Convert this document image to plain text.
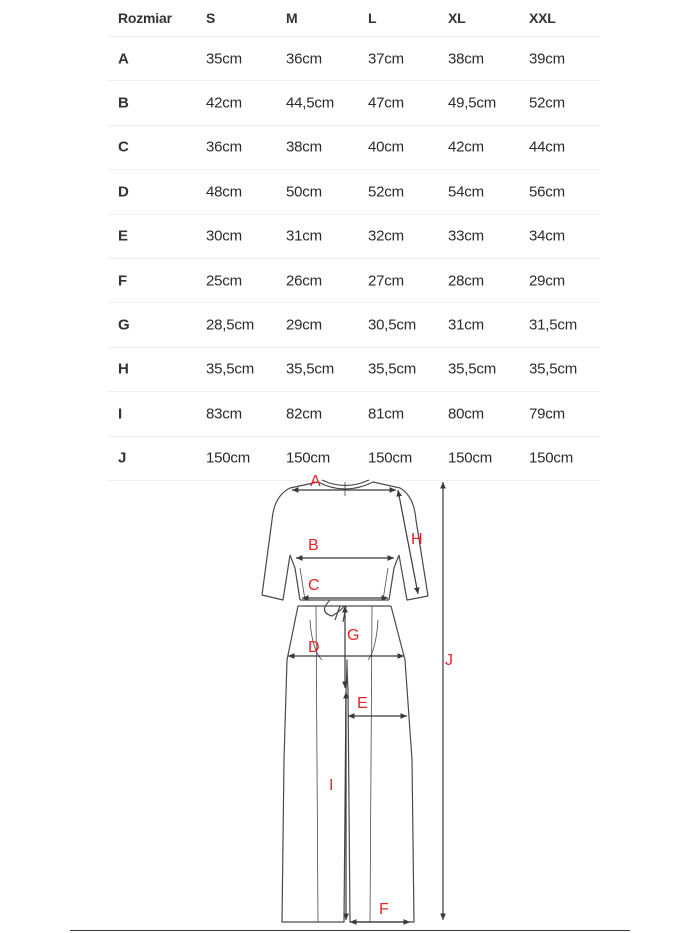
Rozmiar S	M	L	XL	XXL
A	35cm	36cm	37cm	38cm	39cm
B	42cm	44,5cm 47cm	49,5cm 52cm
C	36cm	38cm	40cm	42cm	44cm
D	48cm	50cm	52cm	54cm	56cm
E	30cm	31cm	32cm	33cm	34cm
F	25cm	26cm	27cm	28cm	29cm
G	28,5cm 29cm	30,5cm 31cm	31,5cm
H	35,5cm 35,5cm 35,5cm 35,5cm 35,5cm
I	83cm	82cm	81cm	80cm	79cm
J	150cm 150cm	150cm 150cm 150cm
A
B
C
D
E
F
G
H
I
J
